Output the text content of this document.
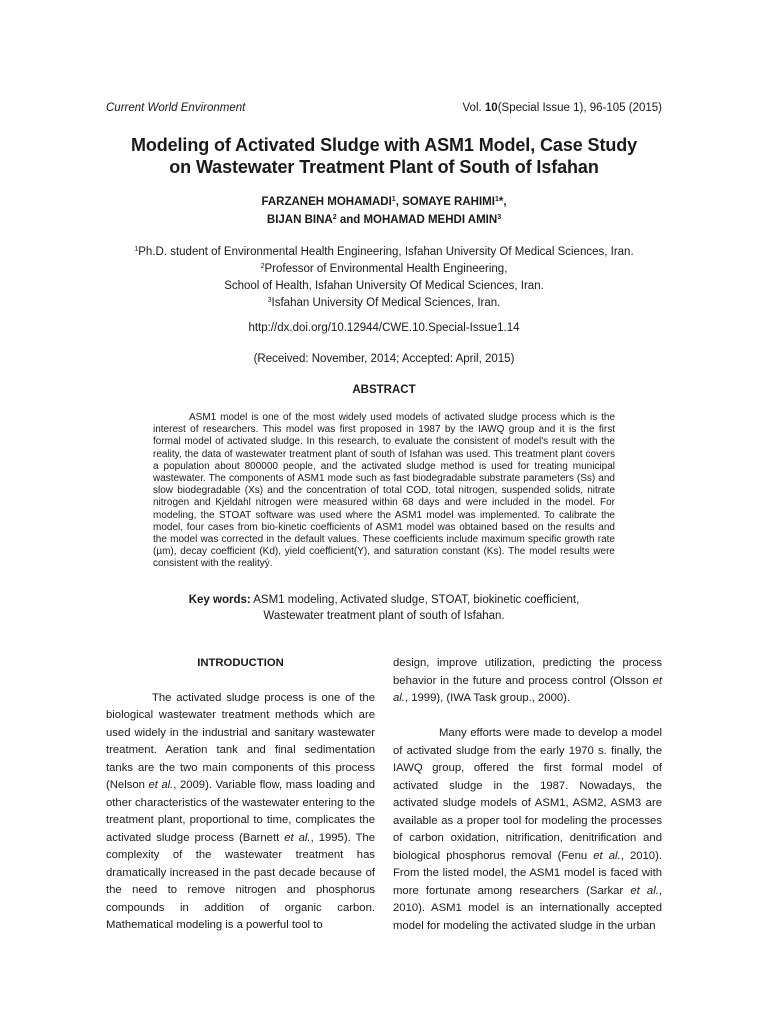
Current World Environment	Vol. 10(Special Issue 1), 96-105 (2015)
Modeling of Activated Sludge with ASM1 Model, Case Study
on Wastewater Treatment Plant of South of Isfahan
FARZANEH MOHAMADI$^1$, SOMAYE RAHIMI$^1$*,
BIJAN BINA$^2$ and MOHAMAD MEHDI AMIN$^3$
$^1$Ph.D. student of Environmental Health Engineering, Isfahan University Of Medical Sciences, Iran.
$^2$Professor of Environmental Health Engineering,
School of Health, Isfahan University Of Medical Sciences, Iran.
$^3$Isfahan University Of Medical Sciences, Iran.
http://dx.doi.org/10.12944/CWE.10.Special-Issue1.14
(Received: November, 2014; Accepted: April, 2015)
ABSTRACT

ASM1 model is one of the most widely used models of activated sludge process which is the interest of researchers. This model was first proposed in 1987 by the IAWQ group and it is the first formal model of activated sludge. In this research, to evaluate the consistent of model's result with the reality, the data of wastewater treatment plant of south of Isfahan was used. This treatment plant covers a population about 800000 people, and the activated sludge method is used for treating municipal wastewater. The components of ASM1 mode such as fast biodegradable substrate parameters (Ss) and slow biodegradable (Xs) and the concentration of total COD, total nitrogen, suspended solids, nitrate nitrogen and Kjeldahl nitrogen were measured within 68 days and were included in the model. For modeling, the STOAT software was used where the ASM1 model was implemented. To calibrate the model, four cases from bio-kinetic coefficients of ASM1 model was obtained based on the results and the model was corrected in the default values. These coefficients include maximum specific growth rate (µm), decay coefficient (Kd), yield coefficient(Y), and saturation constant (Ks). The model results were consistent with the realityý.

Key words: ASM1 modeling, Activated sludge, STOAT, biokinetic coefficient,
Wastewater treatment plant of south of Isfahan.
INTRODUCTION

The activated sludge process is one of the biological wastewater treatment methods which are used widely in the industrial and sanitary wastewater treatment. Aeration tank and final sedimentation tanks are the two main components of this process (Nelson et al., 2009). Variable flow, mass loading and other characteristics of the wastewater entering to the treatment plant, proportional to time, complicates the activated sludge process (Barnett et al., 1995). The complexity of the wastewater treatment has dramatically increased in the past decade because of the need to remove nitrogen and phosphorus compounds in addition of organic carbon. Mathematical modeling is a powerful tool to

design, improve utilization, predicting the process behavior in the future and process control (Olsson et al., 1999), (IWA Task group., 2000).

Many efforts were made to develop a model of activated sludge from the early 1970 s. finally, the IAWQ group, offered the first formal model of activated sludge in the 1987. Nowadays, the activated sludge models of ASM1, ASM2, ASM3 are available as a proper tool for modeling the processes of carbon oxidation, nitrification, denitrification and biological phosphorus removal (Fenu et al., 2010). From the listed model, the ASM1 model is faced with more fortunate among researchers (Sarkar et al., 2010). ASM1 model is an internationally accepted model for modeling the activated sludge in the urban
